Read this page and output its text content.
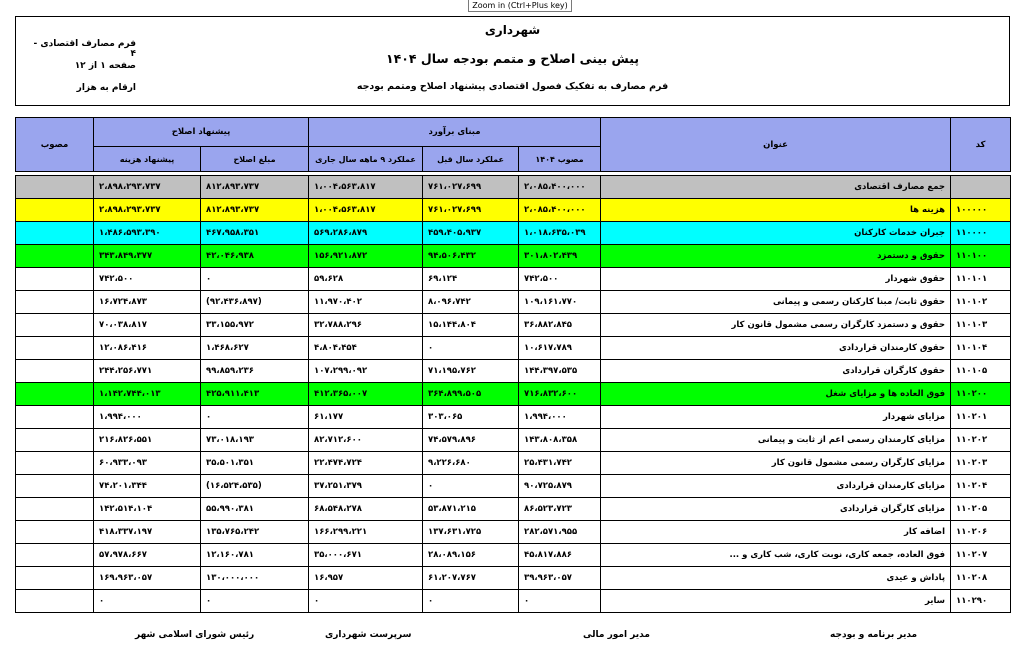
Zoom in (Ctrl+Plus key)
شهرداری
پیش بینی اصلاح و متمم بودجه سال ۱۴۰۴
فرم مصارف به تفکیک فصول اقتصادی پیشنهاد اصلاح ومتمم بودجه
فرم مصارف اقتصادی - ۴
صفحه ۱ از ۱۲
ارقام به هزار
مصوب	پیشنهاد اصلاح		مبنای برآورد			عنوان	کد
	پیشنهاد هزینه	مبلغ اصلاح	عملکرد ۹ ماهه سال جاری	عملکرد سال قبل	مصوب ۱۴۰۴		

	۲،۸۹۸،۲۹۳،۷۳۷	۸۱۲،۸۹۳،۷۳۷	۱،۰۰۴،۵۶۳،۸۱۷	۷۶۱،۰۲۷،۶۹۹	۲،۰۸۵،۴۰۰،۰۰۰	جمع مصارف اقتصادی	
	۲،۸۹۸،۲۹۳،۷۳۷	۸۱۲،۸۹۳،۷۳۷	۱،۰۰۴،۵۶۳،۸۱۷	۷۶۱،۰۲۷،۶۹۹	۲،۰۸۵،۴۰۰،۰۰۰	هزینه ها	۱۰۰۰۰۰
	۱،۴۸۶،۵۹۳،۳۹۰	۴۶۷،۹۵۸،۳۵۱	۵۶۹،۲۸۶،۸۷۹	۴۵۹،۴۰۵،۹۳۷	۱،۰۱۸،۶۳۵،۰۳۹	جبران خدمات کارکنان	۱۱۰۰۰۰
	۳۴۳،۸۴۹،۳۷۷	۴۲،۰۴۶،۹۳۸	۱۵۶،۹۲۱،۸۷۲	۹۴،۵۰۶،۴۳۲	۳۰۱،۸۰۲،۴۳۹	حقوق و دستمزد	۱۱۰۱۰۰
	۷۴۲،۵۰۰	۰	۵۹،۶۲۸	۶۹،۱۲۴	۷۴۲،۵۰۰	حقوق شهردار	۱۱۰۱۰۱
	۱۶،۷۲۴،۸۷۳	(۹۲،۴۳۶،۸۹۷)	۱۱،۹۷۰،۴۰۲	۸،۰۹۶،۷۴۲	۱۰۹،۱۶۱،۷۷۰	حقوق ثابت/ مبنا کارکنان رسمی و پیمانی	۱۱۰۱۰۲
	۷۰،۰۳۸،۸۱۷	۳۳،۱۵۵،۹۷۲	۳۲،۷۸۸،۲۹۶	۱۵،۱۴۴،۸۰۴	۳۶،۸۸۲،۸۴۵	حقوق و دستمزد کارگران رسمی مشمول قانون کار	۱۱۰۱۰۳
	۱۲،۰۸۶،۴۱۶	۱،۴۶۸،۶۲۷	۴،۸۰۴،۴۵۴	۰	۱۰،۶۱۷،۷۸۹	حقوق کارمندان قراردادی	۱۱۰۱۰۴
	۲۴۴،۲۵۶،۷۷۱	۹۹،۸۵۹،۲۳۶	۱۰۷،۲۹۹،۰۹۲	۷۱،۱۹۵،۷۶۲	۱۴۴،۳۹۷،۵۳۵	حقوق کارگران قراردادی	۱۱۰۱۰۵
	۱،۱۴۲،۷۴۴،۰۱۳	۴۲۵،۹۱۱،۴۱۳	۴۱۲،۳۶۵،۰۰۷	۳۶۴،۸۹۹،۵۰۵	۷۱۶،۸۳۲،۶۰۰	فوق العاده ها و مزایای شغل	۱۱۰۲۰۰
	۱،۹۹۴،۰۰۰	۰	۶۱،۱۷۷	۳۰۳،۰۶۵	۱،۹۹۴،۰۰۰	مزایای شهردار	۱۱۰۲۰۱
	۲۱۶،۸۲۶،۵۵۱	۷۳،۰۱۸،۱۹۳	۸۲،۷۱۲،۶۰۰	۷۴،۵۷۹،۸۹۶	۱۴۳،۸۰۸،۳۵۸	مزایای کارمندان رسمی اعم از ثابت و پیمانی	۱۱۰۲۰۲
	۶۰،۹۳۳،۰۹۳	۳۵،۵۰۱،۳۵۱	۲۲،۴۷۴،۷۲۴	۹،۲۲۶،۶۸۰	۲۵،۴۳۱،۷۴۲	مزایای کارگران رسمی مشمول قانون کار	۱۱۰۲۰۳
	۷۴،۲۰۱،۳۴۴	(۱۶،۵۲۴،۵۳۵)	۳۷،۲۵۱،۳۷۹	۰	۹۰،۷۲۵،۸۷۹	مزایای کارمندان قراردادی	۱۱۰۲۰۴
	۱۴۲،۵۱۴،۱۰۴	۵۵،۹۹۰،۳۸۱	۶۸،۵۴۸،۲۷۸	۵۳،۸۷۱،۲۱۵	۸۶،۵۲۳،۷۲۳	مزایای کارگران قراردادی	۱۱۰۲۰۵
	۴۱۸،۳۳۷،۱۹۷	۱۳۵،۷۶۵،۲۴۲	۱۶۶،۲۹۹،۲۲۱	۱۳۷،۶۳۱،۷۲۵	۲۸۲،۵۷۱،۹۵۵	اضافه کار	۱۱۰۲۰۶
	۵۷،۹۷۸،۶۶۷	۱۲،۱۶۰،۷۸۱	۳۵،۰۰۰،۶۷۱	۲۸،۰۸۹،۱۵۶	۴۵،۸۱۷،۸۸۶	فوق العاده، جمعه کاری، نوبت کاری، شب کاری و ...	۱۱۰۲۰۷
	۱۶۹،۹۶۳،۰۵۷	۱۳۰،۰۰۰،۰۰۰	۱۶،۹۵۷	۶۱،۲۰۷،۷۶۷	۳۹،۹۶۳،۰۵۷	پاداش و عیدی	۱۱۰۲۰۸
	۰	۰	۰	۰	۰	سایر	۱۱۰۲۹۰
رئیس شورای اسلامی شهر	سرپرست شهرداری	مدیر امور مالی	مدیر برنامه و بودجه
